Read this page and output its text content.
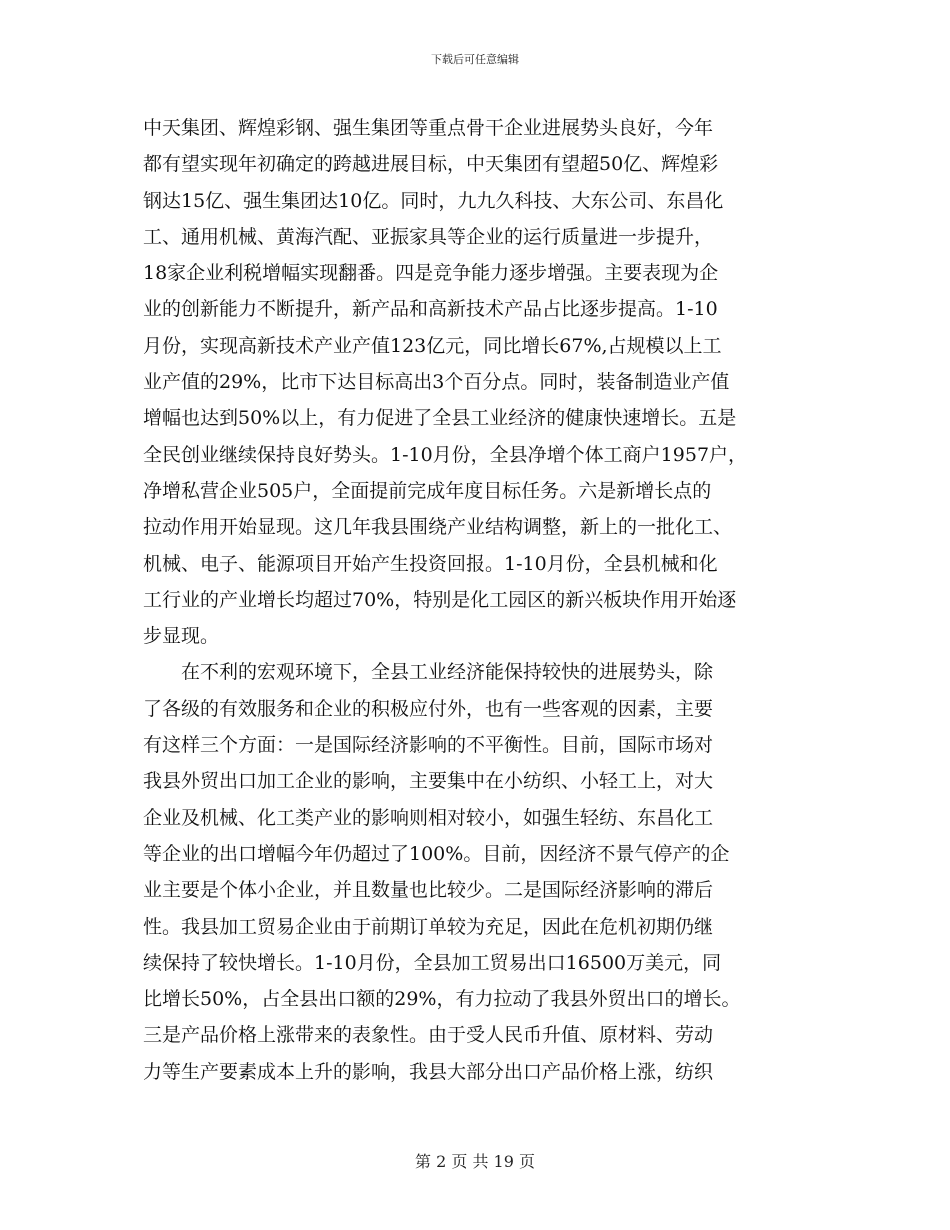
下载后可任意编辑
中天集团、辉煌彩钢、强生集团等重点骨干企业进展势头良好，今年
都有望实现年初确定的跨越进展目标，中天集团有望超50亿、辉煌彩
钢达15亿、强生集团达10亿。同时，九九久科技、大东公司、东昌化
工、通用机械、黄海汽配、亚振家具等企业的运行质量进一步提升，
18家企业利税增幅实现翻番。四是竞争能力逐步增强。主要表现为企
业的创新能力不断提升，新产品和高新技术产品占比逐步提高。1-10
月份，实现高新技术产业产值123亿元，同比增长67%,占规模以上工
业产值的29%，比市下达目标高出3个百分点。同时，装备制造业产值
增幅也达到50%以上，有力促进了全县工业经济的健康快速增长。五是
全民创业继续保持良好势头。1-10月份，全县净增个体工商户1957户，
净增私营企业505户，全面提前完成年度目标任务。六是新增长点的
拉动作用开始显现。这几年我县围绕产业结构调整，新上的一批化工、
机械、电子、能源项目开始产生投资回报。1-10月份，全县机械和化
工行业的产业增长均超过70%，特别是化工园区的新兴板块作用开始逐
步显现。
　　在不利的宏观环境下，全县工业经济能保持较快的进展势头，除
了各级的有效服务和企业的积极应付外，也有一些客观的因素，主要
有这样三个方面：一是国际经济影响的不平衡性。目前，国际市场对
我县外贸出口加工企业的影响，主要集中在小纺织、小轻工上，对大
企业及机械、化工类产业的影响则相对较小，如强生轻纺、东昌化工
等企业的出口增幅今年仍超过了100%。目前，因经济不景气停产的企
业主要是个体小企业，并且数量也比较少。二是国际经济影响的滞后
性。我县加工贸易企业由于前期订单较为充足，因此在危机初期仍继
续保持了较快增长。1-10月份，全县加工贸易出口16500万美元，同
比增长50%，占全县出口额的29%，有力拉动了我县外贸出口的增长。
三是产品价格上涨带来的表象性。由于受人民币升值、原材料、劳动
力等生产要素成本上升的影响，我县大部分出口产品价格上涨，纺织
第 2 页 共 19 页
